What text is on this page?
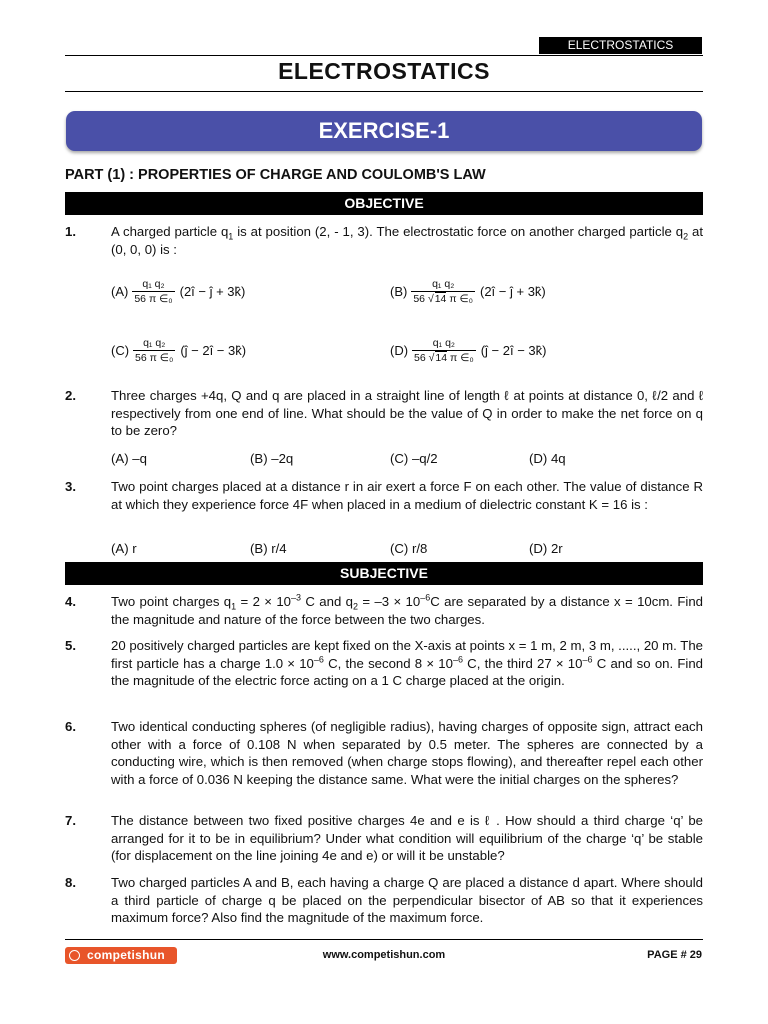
ELECTROSTATICS
ELECTROSTATICS
EXERCISE-1
PART (1) : PROPERTIES OF CHARGE AND COULOMB'S LAW
OBJECTIVE
1.	A charged particle $q_1$ is at position (2, - 1, 3). The electrostatic force on another charged particle $q_2$ at (0, 0, 0) is :
$(A) \frac{\text{q₁ q₂}}{\text{56 π ∈₀}}$ (2î − ĵ + 3k̂)	$(B) \frac{\text{q₁ q₂}}{\text{56 √14 π ∈₀}}$ (2î − ĵ + 3k̂)
$(C) \frac{\text{q₁ q₂}}{\text{56 π ∈₀}}$ (ĵ − 2î − 3k̂)	$(D) \frac{\text{q₁ q₂}}{\text{56 √14 π ∈₀}}$ (ĵ − 2î − 3k̂)
2.	Three charges +4q, Q and q are placed in a straight line of length ℓ at points at distance 0, ℓ/2 and ℓ respectively from one end of line. What should be the value of Q in order to make the net force on q to be zero?
(A) –q	(B) –2q	(C) –q/2	(D) 4q
3.	Two point charges placed at a distance r in air exert a force F on each other. The value of distance R at which they experience force 4F when placed in a medium of dielectric constant K = 16 is :
(A) r	(B) r/4	(C) r/8	(D) 2r
SUBJECTIVE
4.	Two point charges $q_1 = 2 \times 10^{-3}$ C and $q_2 = -3 \times 10^{-6}C$ are separated by a distance x = 10cm. Find the magnitude and nature of the force between the two charges.
5.	20 positively charged particles are kept fixed on the X-axis at points x = 1 m, 2 m, 3 m, ....., 20 m. The first particle has a charge $1.0 \times 10^{-6}$ C, the second $8 \times 10^{-6}$ C, the third $27 \times 10^{-6}$ C and so on. Find the magnitude of the electric force acting on a 1 C charge placed at the origin.
6.	Two identical conducting spheres (of negligible radius), having charges of opposite sign, attract each other with a force of 0.108 N when separated by 0.5 meter. The spheres are connected by a conducting wire, which is then removed (when charge stops flowing), and thereafter repel each other with a force of 0.036 N keeping the distance same. What were the initial charges on the spheres?
7.	The distance between two fixed positive charges 4e and e is ℓ . How should a third charge ‘q’ be arranged for it to be in equilibrium? Under what condition will equilibrium of the charge ‘q’ be stable (for displacement on the line joining 4e and e) or will it be unstable?
8.	Two charged particles A and B, each having a charge Q are placed a distance d apart. Where should a third particle of charge q be placed on the perpendicular bisector of AB so that it experiences maximum force? Also find the magnitude of the maximum force.
competishun	www.competishun.com	PAGE # 29
